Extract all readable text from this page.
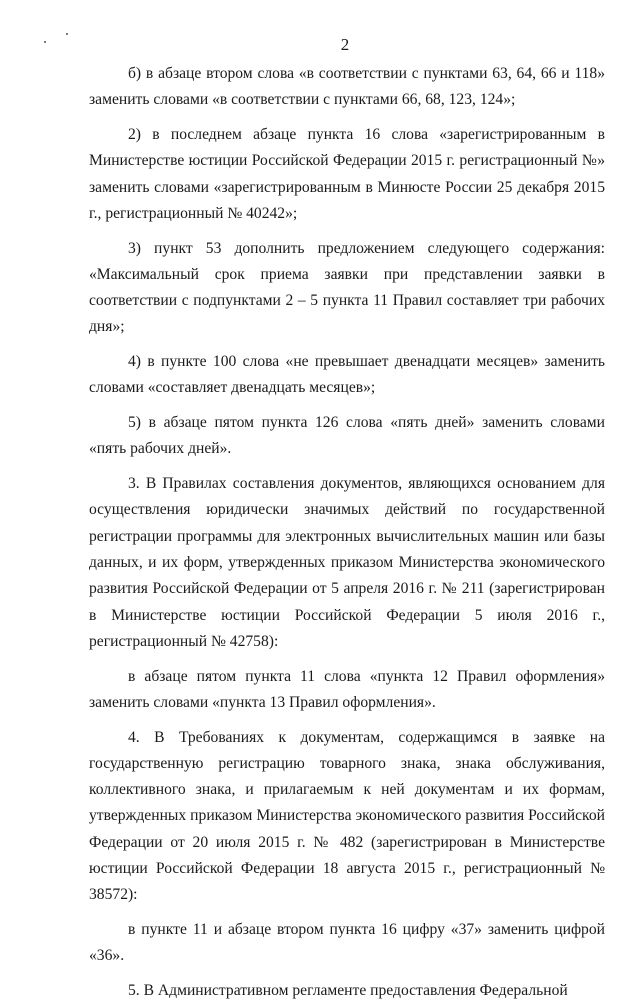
2

б) в абзаце втором слова «в соответствии с пунктами 63, 64, 66 и 118» заменить словами «в соответствии с пунктами 66, 68, 123, 124»;

2) в последнем абзаце пункта 16 слова «зарегистрированным в Министерстве юстиции Российской Федерации 2015 г. регистрационный №» заменить словами «зарегистрированным в Минюсте России 25 декабря 2015 г., регистрационный № 40242»;

3) пункт 53 дополнить предложением следующего содержания: «Максимальный срок приема заявки при представлении заявки в соответствии с подпунктами 2 – 5 пункта 11 Правил составляет три рабочих дня»;

4) в пункте 100 слова «не превышает двенадцати месяцев» заменить словами «составляет двенадцать месяцев»;

5) в абзаце пятом пункта 126 слова «пять дней» заменить словами «пять рабочих дней».

3. В Правилах составления документов, являющихся основанием для осуществления юридически значимых действий по государственной регистрации программы для электронных вычислительных машин или базы данных, и их форм, утвержденных приказом Министерства экономического развития Российской Федерации от 5 апреля 2016 г. № 211 (зарегистрирован в Министерстве юстиции Российской Федерации 5 июля 2016 г., регистрационный № 42758):

в абзаце пятом пункта 11 слова «пункта 12 Правил оформления» заменить словами «пункта 13 Правил оформления».

4. В Требованиях к документам, содержащимся в заявке на государственную регистрацию товарного знака, знака обслуживания, коллективного знака, и прилагаемым к ней документам и их формам, утвержденных приказом Министерства экономического развития Российской Федерации от 20 июля 2015 г. № 482 (зарегистрирован в Министерстве юстиции Российской Федерации 18 августа 2015 г., регистрационный № 38572):

в пункте 11 и абзаце втором пункта 16 цифру «37» заменить цифрой «36».

5. В Административном регламенте предоставления Федеральной
